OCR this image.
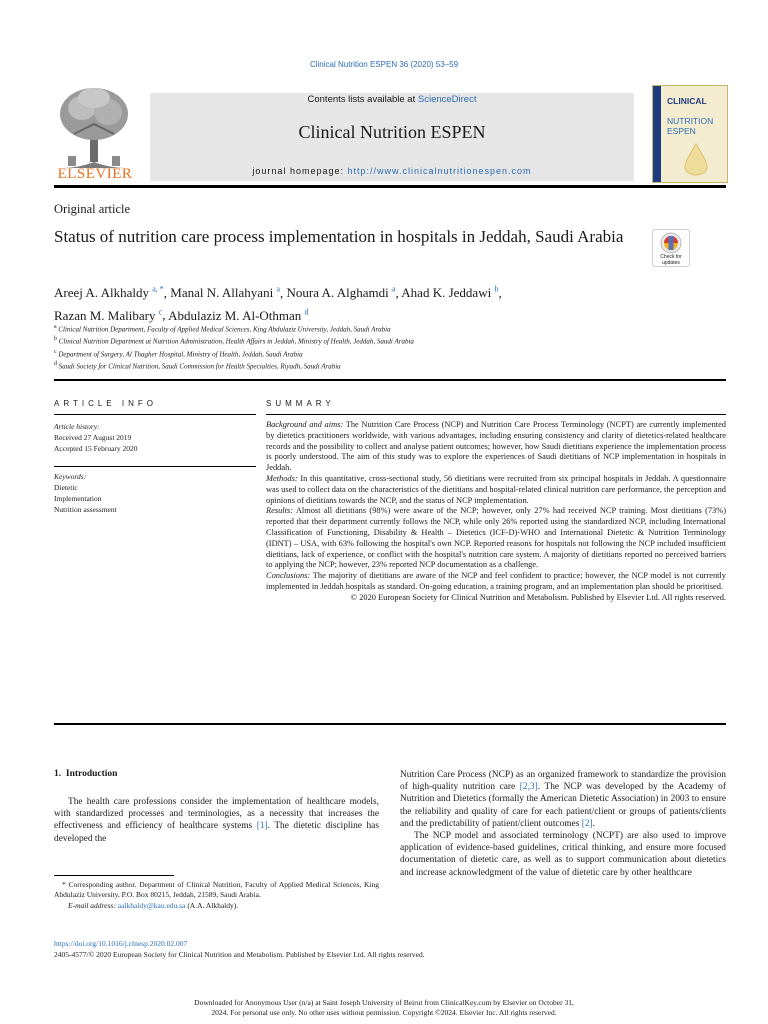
Clinical Nutrition ESPEN 36 (2020) 53–59
ELSEVIER
Contents lists available at ScienceDirect
Clinical Nutrition ESPEN
journal homepage: http://www.clinicalnutritionespen.com
CLINICAL
NUTRITION
ESPEN
Original article
Status of nutrition care process implementation in hospitals in Jeddah, Saudi Arabia
Check for updates
Areej A. Alkhaldy $^{a, *}$, Manal N. Allahyani $^a$, Noura A. Alghamdi $^a$, Ahad K. Jeddawi $^b$,
Razan M. Malibary $^c$, Abdulaziz M. Al-Othman $^d$
$^a$ Clinical Nutrition Department, Faculty of Applied Medical Sciences, King Abdulaziz University, Jeddah, Saudi Arabia
$^b$ Clinical Nutrition Department at Nutrition Administration, Health Affairs in Jeddah, Ministry of Health, Jeddah, Saudi Arabia
$^c$ Department of Surgery, Al Thagher Hospital, Ministry of Health, Jeddah, Saudi Arabia
$^d$ Saudi Society for Clinical Nutrition, Saudi Commission for Health Specialties, Riyadh, Saudi Arabia
ARTICLE INFO
Article history:
Received 27 August 2019
Accepted 15 February 2020
Keywords:
Dietetic
Implementation
Nutrition assessment
SUMMARY

Background and aims: The Nutrition Care Process (NCP) and Nutrition Care Process Terminology (NCPT) are currently implemented by dietetics practitioners worldwide, with various advantages, including ensuring consistency and clarity of dietetics-related healthcare records and the possibility to collect and analyse patient outcomes; however, how Saudi dietitians experience the implementation process is poorly understood. The aim of this study was to explore the experiences of Saudi dietitians of NCP implementation in hospitals in Jeddah.

Methods: In this quantitative, cross-sectional study, 56 dietitians were recruited from six principal hospitals in Jeddah. A questionnaire was used to collect data on the characteristics of the dietitians and hospital-related clinical nutrition care performance, the perception and opinions of dietitians towards the NCP, and the status of NCP implementation.

Results: Almost all dietitians (98%) were aware of the NCP; however, only 27% had received NCP training. Most dietitians (73%) reported that their department currently follows the NCP, while only 26% reported using the standardized NCP, including International Classification of Functioning, Disability & Health – Dietetics (ICF-D)-WHO and International Dietetic & Nutrition Terminology (IDNT) – USA, with 63% following the hospital's own NCP. Reported reasons for hospitals not following the NCP included insufficient dietitians, lack of experience, or conflict with the hospital's nutrition care system. A majority of dietitians reported no perceived barriers to applying the NCP; however, 23% reported NCP documentation as a challenge.

Conclusions: The majority of dietitians are aware of the NCP and feel confident to practice; however, the NCP model is not currently implemented in Jeddah hospitals as standard. On-going education, a training program, and an implementation plan should be prioritised.

© 2020 European Society for Clinical Nutrition and Metabolism. Published by Elsevier Ltd. All rights reserved.

1. Introduction

The health care professions consider the implementation of healthcare models, with standardized processes and terminologies, as a necessity that increases the effectiveness and efficiency of healthcare systems [1]. The dietetic discipline has developed the

* Corresponding author. Department of Clinical Nutrition, Faculty of Applied Medical Sciences, King Abdulaziz University, P.O. Box 80215, Jeddah, 21589, Saudi Arabia.
E-mail address: aalkhaldy@kau.edu.sa (A.A. Alkhaldy).

Nutrition Care Process (NCP) as an organized framework to standardize the provision of high-quality nutrition care [2,3]. The NCP was developed by the Academy of Nutrition and Dietetics (formally the American Dietetic Association) in 2003 to ensure the reliability and quality of care for each patient/client or groups of patients/clients and the predictability of patient/client outcomes [2].

The NCP model and associated terminology (NCPT) are also used to improve application of evidence-based guidelines, critical thinking, and ensure more focused documentation of dietetic care, as well as to support communication about dietetics and increase acknowledgment of the value of dietetic care by other healthcare

https://doi.org/10.1016/j.clnesp.2020.02.007
2405-4577/© 2020 European Society for Clinical Nutrition and Metabolism. Published by Elsevier Ltd. All rights reserved.
Downloaded for Anonymous User (n/a) at Saint Joseph University of Beirut from ClinicalKey.com by Elsevier on October 31,
2024. For personal use only. No other uses without permission. Copyright ©2024. Elsevier Inc. All rights reserved.
